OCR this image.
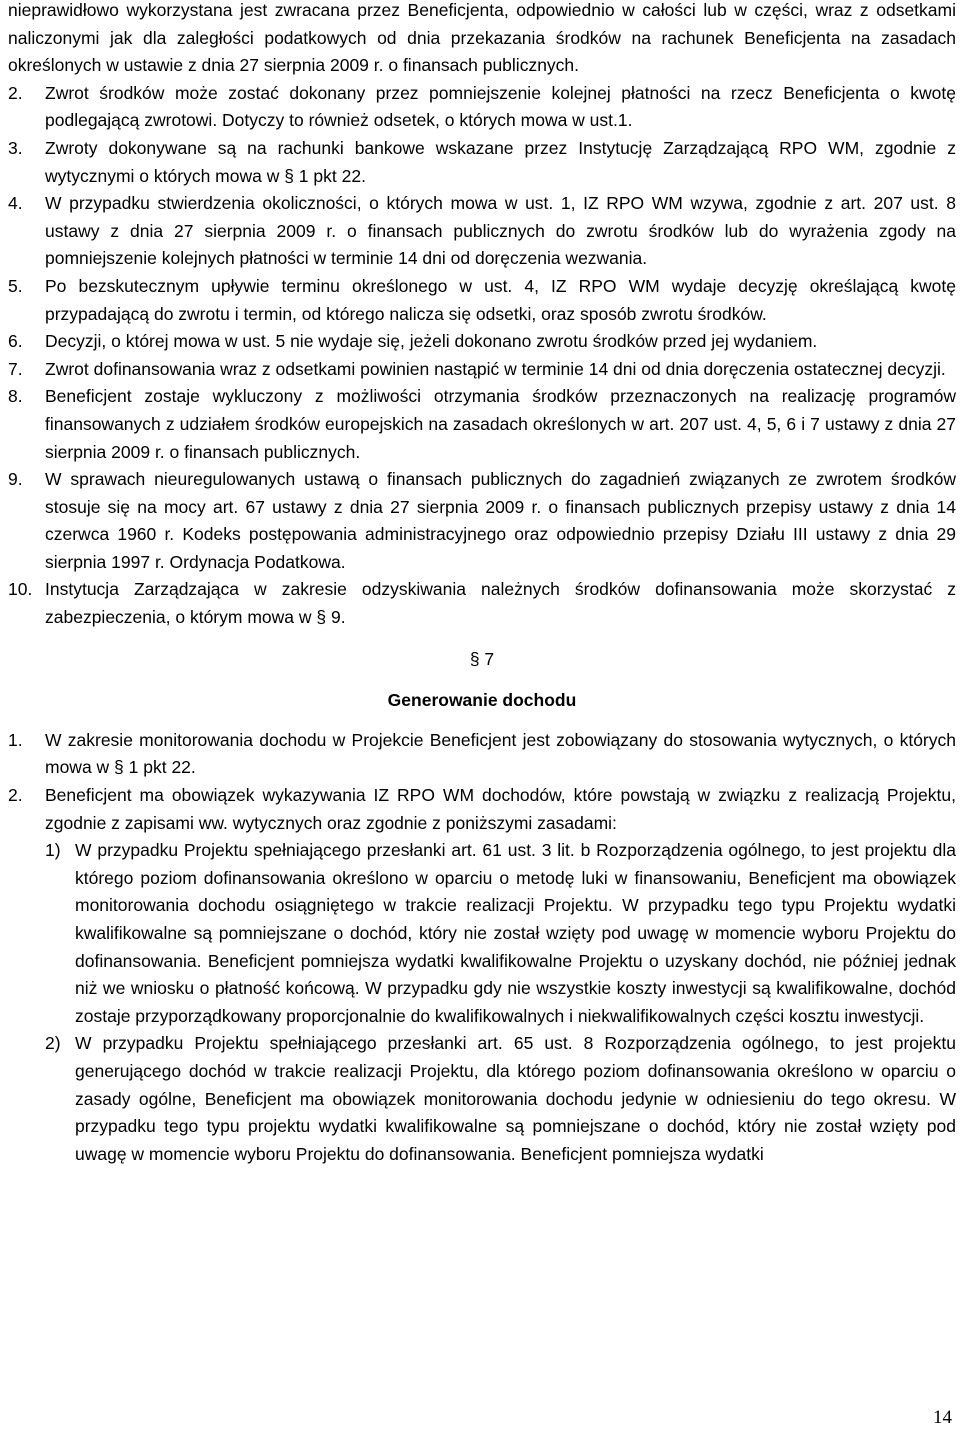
nieprawidłowo wykorzystana jest zwracana przez Beneficjenta, odpowiednio w całości lub w części, wraz z odsetkami naliczonymi jak dla zaległości podatkowych od dnia przekazania środków na rachunek Beneficjenta na zasadach określonych w ustawie z dnia 27 sierpnia 2009 r. o finansach publicznych.

2.	Zwrot środków może zostać dokonany przez pomniejszenie kolejnej płatności na rzecz Beneficjenta o kwotę podlegającą zwrotowi. Dotyczy to również odsetek, o których mowa w ust.1.
3.	Zwroty dokonywane są na rachunki bankowe wskazane przez Instytucję Zarządzającą RPO WM, zgodnie z wytycznymi o których mowa w § 1 pkt 22.
4.	W przypadku stwierdzenia okoliczności, o których mowa w ust. 1, IZ RPO WM wzywa, zgodnie z art. 207 ust. 8 ustawy z dnia 27 sierpnia 2009 r. o finansach publicznych do zwrotu środków lub do wyrażenia zgody na pomniejszenie kolejnych płatności w terminie 14 dni od doręczenia wezwania.
5.	Po bezskutecznym upływie terminu określonego w ust. 4, IZ RPO WM wydaje decyzję określającą kwotę przypadającą do zwrotu i termin, od którego nalicza się odsetki, oraz sposób zwrotu środków.
6.	Decyzji, o której mowa w ust. 5 nie wydaje się, jeżeli dokonano zwrotu środków przed jej wydaniem.
7.	Zwrot dofinansowania wraz z odsetkami powinien nastąpić w terminie 14 dni od dnia doręczenia ostatecznej decyzji.
8.	Beneficjent zostaje wykluczony z możliwości otrzymania środków przeznaczonych na realizację programów finansowanych z udziałem środków europejskich na zasadach określonych w art. 207 ust. 4, 5, 6 i 7 ustawy z dnia 27 sierpnia 2009 r. o finansach publicznych.
9.	W sprawach nieuregulowanych ustawą o finansach publicznych do zagadnień związanych ze zwrotem środków stosuje się na mocy art. 67 ustawy z dnia 27 sierpnia 2009 r. o finansach publicznych przepisy ustawy z dnia 14 czerwca 1960 r. Kodeks postępowania administracyjnego oraz odpowiednio przepisy Działu III ustawy z dnia 29 sierpnia 1997 r. Ordynacja Podatkowa.
10. Instytucja Zarządzająca w zakresie odzyskiwania należnych środków dofinansowania może skorzystać z zabezpieczenia, o którym mowa w § 9.
§ 7
Generowanie dochodu
1.	W zakresie monitorowania dochodu w Projekcie Beneficjent jest zobowiązany do stosowania wytycznych, o których mowa w § 1 pkt 22.
2.	Beneficjent ma obowiązek wykazywania IZ RPO WM dochodów, które powstają w związku z realizacją Projektu, zgodnie z zapisami ww. wytycznych oraz zgodnie z poniższymi zasadami:
1) W przypadku Projektu spełniającego przesłanki art. 61 ust. 3 lit. b Rozporządzenia ogólnego, to jest projektu dla którego poziom dofinansowania określono w oparciu o metodę luki w finansowaniu, Beneficjent ma obowiązek monitorowania dochodu osiągniętego w trakcie realizacji Projektu. W przypadku tego typu Projektu wydatki kwalifikowalne są pomniejszane o dochód, który nie został wzięty pod uwagę w momencie wyboru Projektu do dofinansowania. Beneficjent pomniejsza wydatki kwalifikowalne Projektu o uzyskany dochód, nie później jednak niż we wniosku o płatność końcową. W przypadku gdy nie wszystkie koszty inwestycji są kwalifikowalne, dochód zostaje przyporządkowany proporcjonalnie do kwalifikowalnych i niekwalifikowalnych części kosztu inwestycji.
2) W przypadku Projektu spełniającego przesłanki art. 65 ust. 8 Rozporządzenia ogólnego, to jest projektu generującego dochód w trakcie realizacji Projektu, dla którego poziom dofinansowania określono w oparciu o zasady ogólne, Beneficjent ma obowiązek monitorowania dochodu jedynie w odniesieniu do tego okresu. W przypadku tego typu projektu wydatki kwalifikowalne są pomniejszane o dochód, który nie został wzięty pod uwagę w momencie wyboru Projektu do dofinansowania. Beneficjent pomniejsza wydatki
14
